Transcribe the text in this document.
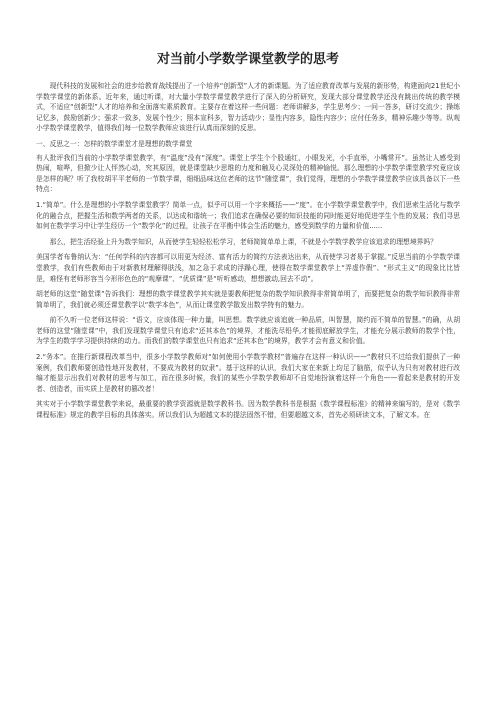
对当前小学数学课堂教学的思考

现代科技的发展和社会的进步给教育战线提出了一个培养“创新型”人才的新课题。为了适应教育改革与发展的新形势，构建面向21世纪小学数学课堂的新体系。近年来，通过听课，对大量小学数学课堂教学进行了深入的分析研究，发现大部分课堂教学还没有跳出传统的教学模式，不适应“创新型”人才的培养和全面落实素质教育。主要存在着这样一些问题：老师讲解多，学生思考少；一问一答多，研讨交流少；操练记忆多，鼓励创新少；强求一致多，发展个性少；照本宣科多，智力活动少；显性内容多，隐性内容少；应付任务多，精神乐趣少等等。纵观小学数学课堂教学，值得我们每一位数学教师应该进行认真而深刻的反思。

一、反思之一：怎样的数学课堂才是理想的数学课堂

有人批评我们当前的小学数学课堂教学，有“温度”没有“深度”。课堂上学生个个股通红，小眼发光，小手直举，小嘴常开”。虽然让人感受到热闹，喧哗，但掀少让人怦然心动，究其原因，就是课堂缺少思维的力度和触及心灵深处的精神愉悦。那么理想的小学数学课堂教学究竟应该是怎样的呢？听了我校胡平平老师的一节数学课，细细品味这位老师的这节“随堂课”，我们觉得，理想的小学数学课堂教学应该具备以下一些特点：

1.“简单”。什么是理想的小学数学课堂教学？简单一点，似乎可以用一个字来概括——“度”。在小学数学课堂教学中，我们思索生活化与数学化的融合点，把握生活和数学两者的关系，以达成和谐统一；我们追求在确保必要的知识技能的同时能更好地促进学生个性的发展；我们寻思如何在数学学习中让学生经历一个“数学化”的过程，让孩子在平衡中体会生活的魅力，感受到数学的力量和价值......

那么，把生活经验上升为数学知识，从而使学生轻轻松松学习，老师简简单单上课，不就是小学数学教学应该追求的理想境界吗？

美国学者布鲁纳认为：“任何学科的内容都可以用更为经济、富有活力的简约方法表达出来，从而使学习者易于掌握。”反思当前的小学数学课堂教学，我们有些教师由于对新教材理解得肤浅，加之急于求成的浮躁心理，使得在数学课堂教学上“弄虚作假”、“形式主义”的现象比比皆是，难怪有老师形容当今形形色色的“观摩课”、“优质课”是“听听感动，想想激动,回去不动”。

胡老师的这堂“随堂课”告诉我们：理想的数学课堂教学其实就是要教师把复杂的数学知识教得非常简单明了，而要把复杂的数学知识教得非常简单明了，我们就必须还课堂教学以“数学本色”，从而让课堂教学散发出数学特有的魅力。

前不久听一位老师这样说：“语文，应该体现一种力量，叫思想。数学就应该追就一种品质，叫智慧，简约而不简单的智慧。”的确，从胡老师的这堂“随堂课”中，我们发现数学课堂只有追求“还其本色”的境界，才能洗尽铅华,才能彻底解放学生，才能充分展示教师的数学个性，为学生的数学学习提供持续的动力。而我们的数学课堂也只有追求“还其本色”的境界，教学才会有意义和价值。

2.“务本”。在推行新课程改革当中，很多小学数学教师对“如何使用小学数学教材”普遍存在这样一种认识——“教材只不过给我们提供了一种案例，我们教师要创造性地开发教材，不要成为教材的奴隶”。基于这样的认识，我们大家在来新上均足了脑筋，似乎认为只有对教材进行改编才能显示出我们对教材的思考与加工，而在很多时候，我们的某些小学数学教师却不自觉地扮演着这样一个角色——看起来是教材的开发者、创造者，而实质上是教材的篡改者！

其实对于小学数学课堂教学来说，最重要的教学资源就是数学教科书。因为数学教科书是根据《数学课程标准》的精神来编写的，是对《数学课程标准》规定的教学目标的具体落实。所以我们认为超越文本的提法固然不错，但要超越文本，首先必须研读文本，了解文本。在
